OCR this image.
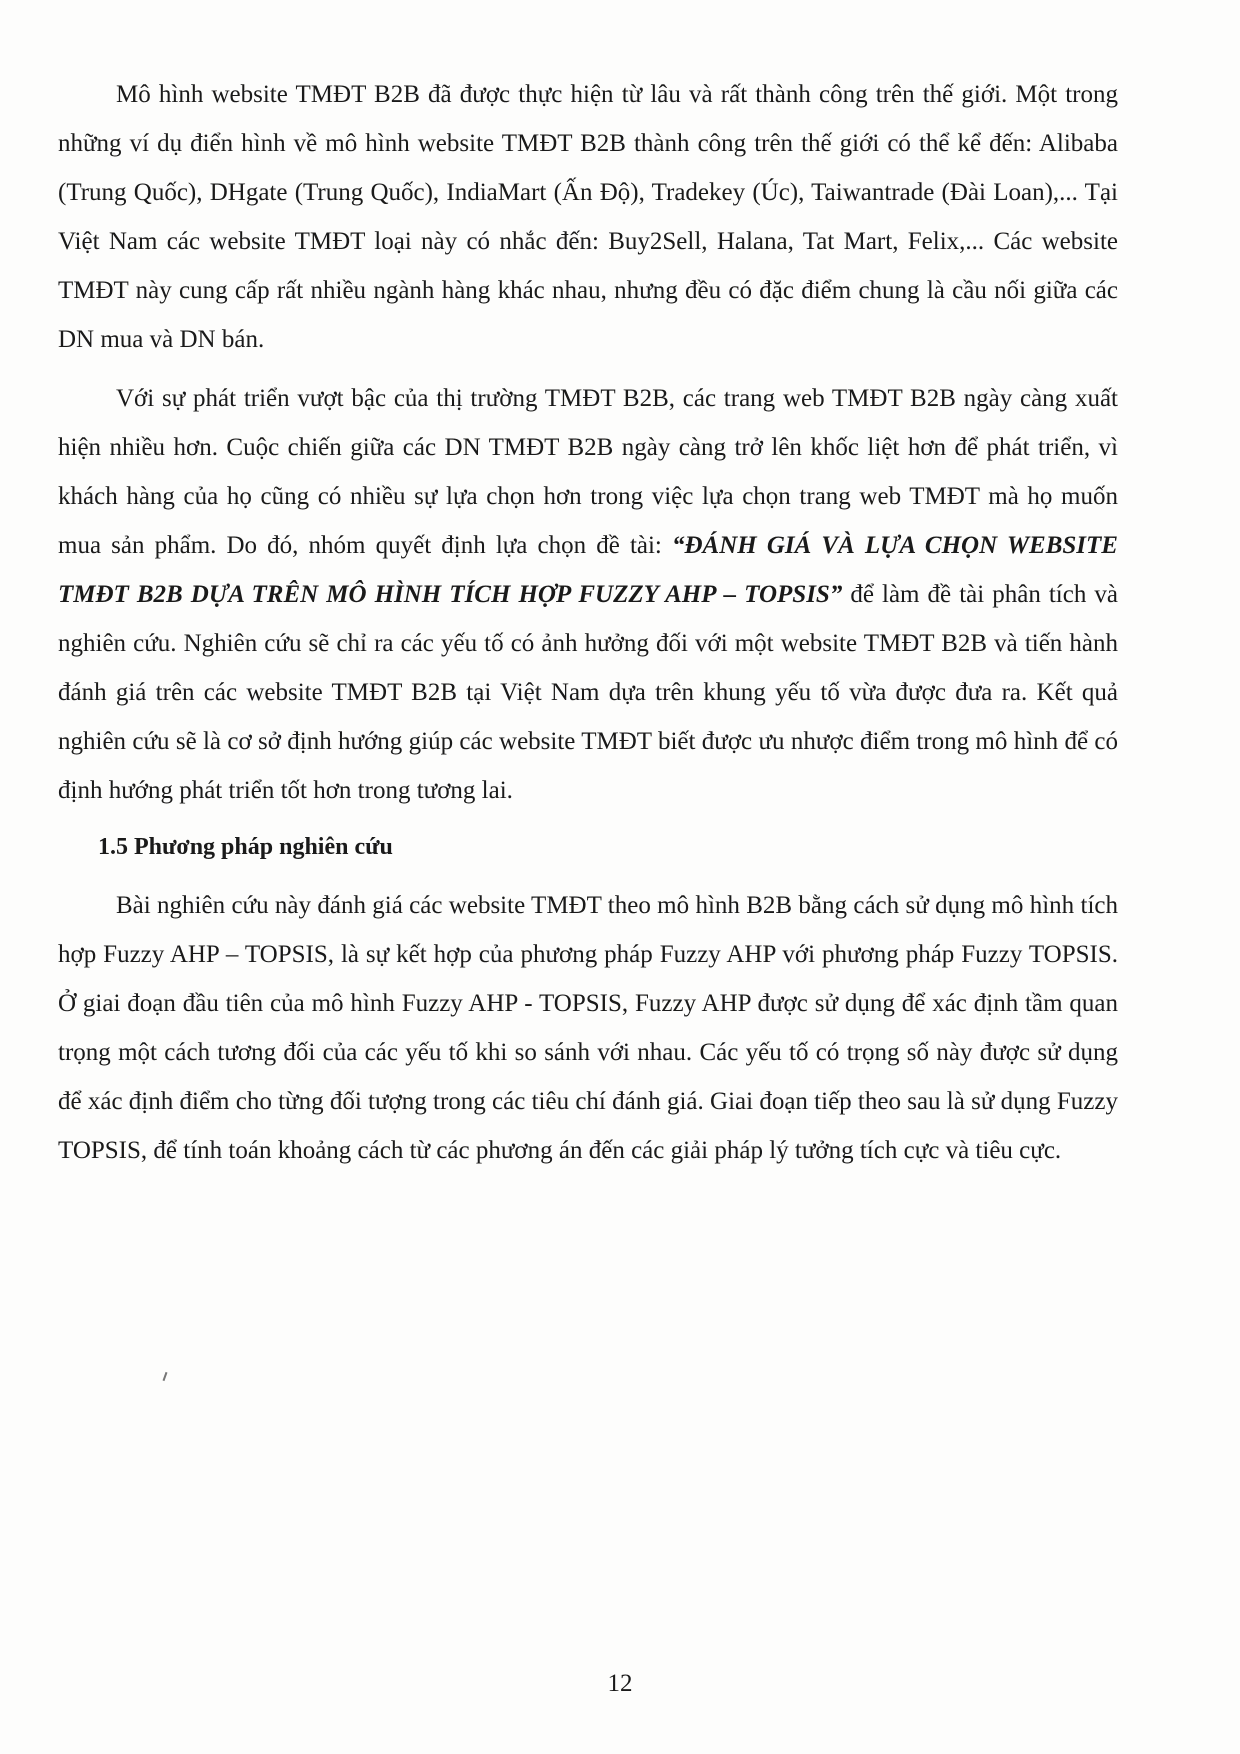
Mô hình website TMĐT B2B đã được thực hiện từ lâu và rất thành công trên thế giới. Một trong những ví dụ điển hình về mô hình website TMĐT B2B thành công trên thế giới có thể kể đến: Alibaba (Trung Quốc), DHgate (Trung Quốc), IndiaMart (Ấn Độ), Tradekey (Úc), Taiwantrade (Đài Loan),... Tại Việt Nam các website TMĐT loại này có nhắc đến: Buy2Sell, Halana, Tat Mart, Felix,... Các website TMĐT này cung cấp rất nhiều ngành hàng khác nhau, nhưng đều có đặc điểm chung là cầu nối giữa các DN mua và DN bán.

Với sự phát triển vượt bậc của thị trường TMĐT B2B, các trang web TMĐT B2B ngày càng xuất hiện nhiều hơn. Cuộc chiến giữa các DN TMĐT B2B ngày càng trở lên khốc liệt hơn để phát triển, vì khách hàng của họ cũng có nhiều sự lựa chọn hơn trong việc lựa chọn trang web TMĐT mà họ muốn mua sản phẩm. Do đó, nhóm quyết định lựa chọn đề tài: “ĐÁNH GIÁ VÀ LỰA CHỌN WEBSITE TMĐT B2B DỰA TRÊN MÔ HÌNH TÍCH HỢP FUZZY AHP – TOPSIS” để làm đề tài phân tích và nghiên cứu. Nghiên cứu sẽ chỉ ra các yếu tố có ảnh hưởng đối với một website TMĐT B2B và tiến hành đánh giá trên các website TMĐT B2B tại Việt Nam dựa trên khung yếu tố vừa được đưa ra. Kết quả nghiên cứu sẽ là cơ sở định hướng giúp các website TMĐT biết được ưu nhược điểm trong mô hình để có định hướng phát triển tốt hơn trong tương lai.

1.5 Phương pháp nghiên cứu

Bài nghiên cứu này đánh giá các website TMĐT theo mô hình B2B bằng cách sử dụng mô hình tích hợp Fuzzy AHP – TOPSIS, là sự kết hợp của phương pháp Fuzzy AHP với phương pháp Fuzzy TOPSIS. Ở giai đoạn đầu tiên của mô hình Fuzzy AHP - TOPSIS, Fuzzy AHP được sử dụng để xác định tầm quan trọng một cách tương đối của các yếu tố khi so sánh với nhau. Các yếu tố có trọng số này được sử dụng để xác định điểm cho từng đối tượng trong các tiêu chí đánh giá. Giai đoạn tiếp theo sau là sử dụng Fuzzy TOPSIS, để tính toán khoảng cách từ các phương án đến các giải pháp lý tưởng tích cực và tiêu cực.

12
